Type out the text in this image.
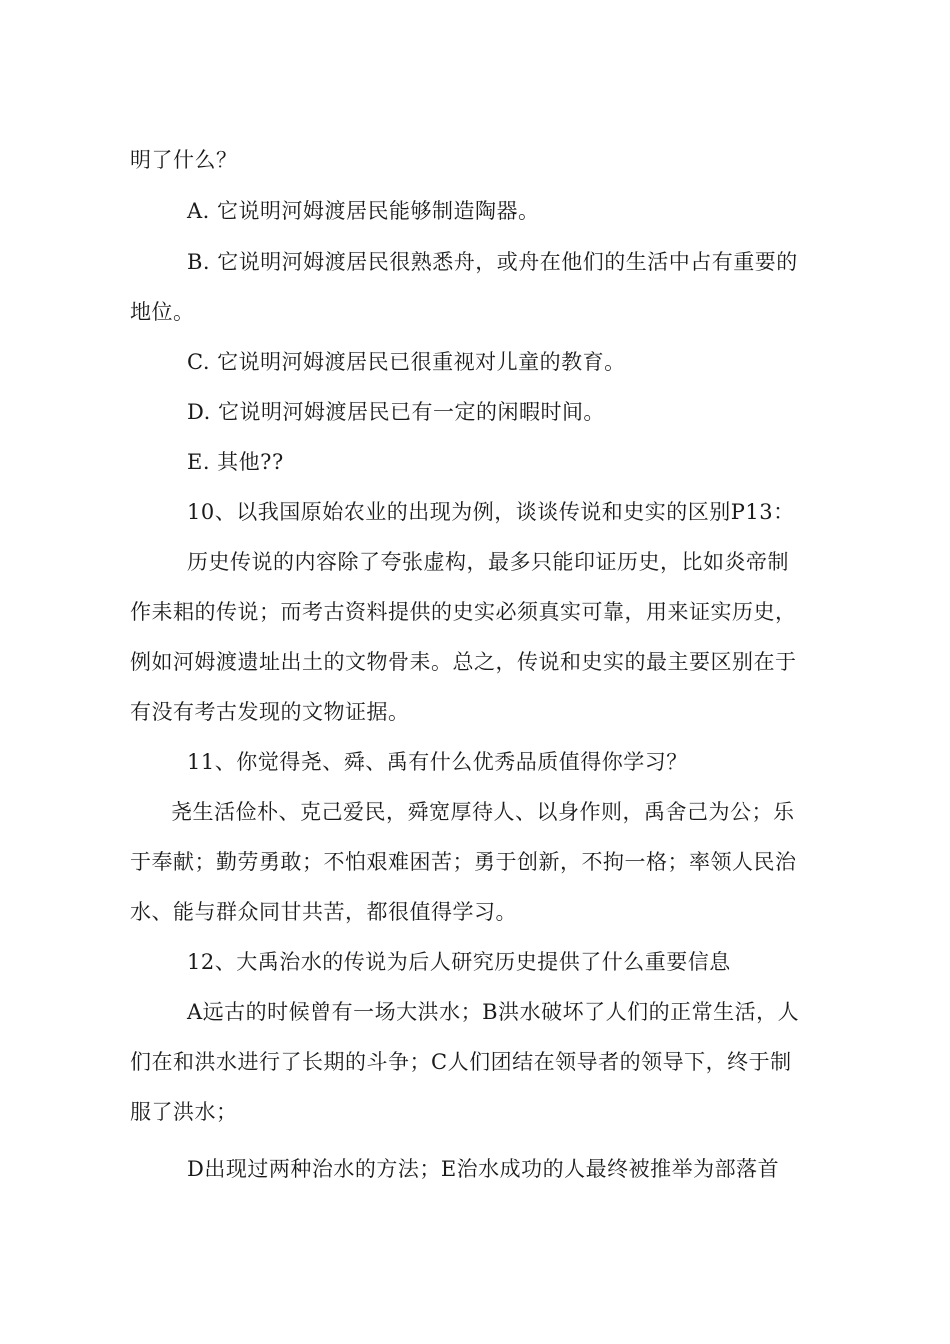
明了什么？
A. 它说明河姆渡居民能够制造陶器。
B. 它说明河姆渡居民很熟悉舟，或舟在他们的生活中占有重要的
地位。
C. 它说明河姆渡居民已很重视对儿童的教育。
D. 它说明河姆渡居民已有一定的闲暇时间。
E. 其他??
10、以我国原始农业的出现为例，谈谈传说和史实的区别P13：
历史传说的内容除了夸张虚构，最多只能印证历史，比如炎帝制
作耒耜的传说；而考古资料提供的史实必须真实可靠，用来证实历史，
例如河姆渡遗址出土的文物骨耒。总之，传说和史实的最主要区别在于
有没有考古发现的文物证据。
11、你觉得尧、舜、禹有什么优秀品质值得你学习？
尧生活俭朴、克己爱民，舜宽厚待人、以身作则，禹舍己为公；乐
于奉献；勤劳勇敢；不怕艰难困苦；勇于创新，不拘一格；率领人民治
水、能与群众同甘共苦，都很值得学习。
12、大禹治水的传说为后人研究历史提供了什么重要信息
A远古的时候曾有一场大洪水；B洪水破坏了人们的正常生活，人
们在和洪水进行了长期的斗争；C人们团结在领导者的领导下，终于制
服了洪水；
D出现过两种治水的方法；E治水成功的人最终被推举为部落首
